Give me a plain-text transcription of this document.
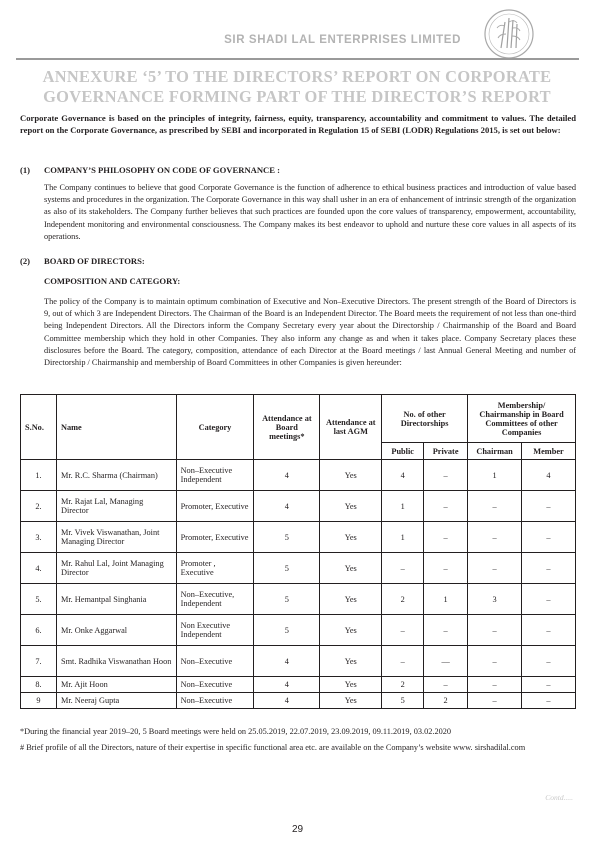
SIR SHADI LAL ENTERPRISES LIMITED
ANNEXURE ‘5’ TO THE DIRECTORS’ REPORT ON CORPORATE GOVERNANCE FORMING PART OF THE DIRECTOR’S REPORT
Corporate Governance is based on the principles of integrity, fairness, equity, transparency, accountability and commitment to values. The detailed report on the Corporate Governance, as prescribed by SEBI and incorporated in Regulation 15 of SEBI (LODR) Regulations 2015, is set out below:
(1) COMPANY’S PHILOSOPHY ON CODE OF GOVERNANCE :
The Company continues to believe that good Corporate Governance is the function of adherence to ethical business practices and introduction of value based systems and procedures in the organization. The Corporate Governance in this way shall usher in an era of enhancement of intrinsic strength of the organization as also of its stakeholders. The Company further believes that such practices are founded upon the core values of transparency, empowerment, accountability, Independent monitoring and environmental consciousness. The Company makes its best endeavor to uphold and nurture these core values in all aspects of its operations.
(2) BOARD OF DIRECTORS:
COMPOSITION AND CATEGORY:
The policy of the Company is to maintain optimum combination of Executive and Non–Executive Directors. The present strength of the Board of Directors is 9, out of which 3 are Independent Directors. The Chairman of the Board is an Independent Director. The Board meets the requirement of not less than one-third being Independent Directors. All the Directors inform the Company Secretary every year about the Directorship / Chairmanship of the Board and Board Committee membership which they hold in other Companies. They also inform any change as and when it takes place. Company Secretary places these disclosures before the Board. The category, composition, attendance of each Director at the Board meetings / last Annual General Meeting and number of Directorship / Chairmanship and membership of Board Committees in other Companies is given hereunder:
S.No.	Name	Category	Attendance at Board meetings*	Attendance at last AGM	No. of other Directorships		Membership/ Chairmanship in Board Committees of other Companies	
					Public	Private	Chairman	Member
1.	Mr. R.C. Sharma (Chairman)	Non–Executive Independent	4	Yes	4	–	1	4
2.	Mr. Rajat Lal, Managing Director	Promoter, Executive	4	Yes	1	–	–	–
3.	Mr. Vivek Viswanathan, Joint Managing Director	Promoter, Executive	5	Yes	1	–	–	–
4.	Mr. Rahul Lal, Joint Managing Director	Promoter , Executive	5	Yes	–	–	–	–
5.	Mr. Hemantpal Singhania	Non–Executive, Independent	5	Yes	2	1	3	–
6.	Mr. Onke Aggarwal	Non Executive Independent	5	Yes	–	–	–	–
7.	Smt. Radhika Viswanathan Hoon	Non–Executive	4	Yes	–	––	–	–
8.	Mr. Ajit Hoon	Non–Executive	4	Yes	2	–	–	–
9	Mr. Neeraj Gupta	Non–Executive	4	Yes	5	2	–	–
*During the financial year 2019–20, 5 Board meetings were held on 25.05.2019, 22.07.2019, 23.09.2019, 09.11.2019, 03.02.2020
# Brief profile of all the Directors, nature of their expertise in specific functional area etc. are available on the Company’s website www. sirshadilal.com
Contd.....
29
